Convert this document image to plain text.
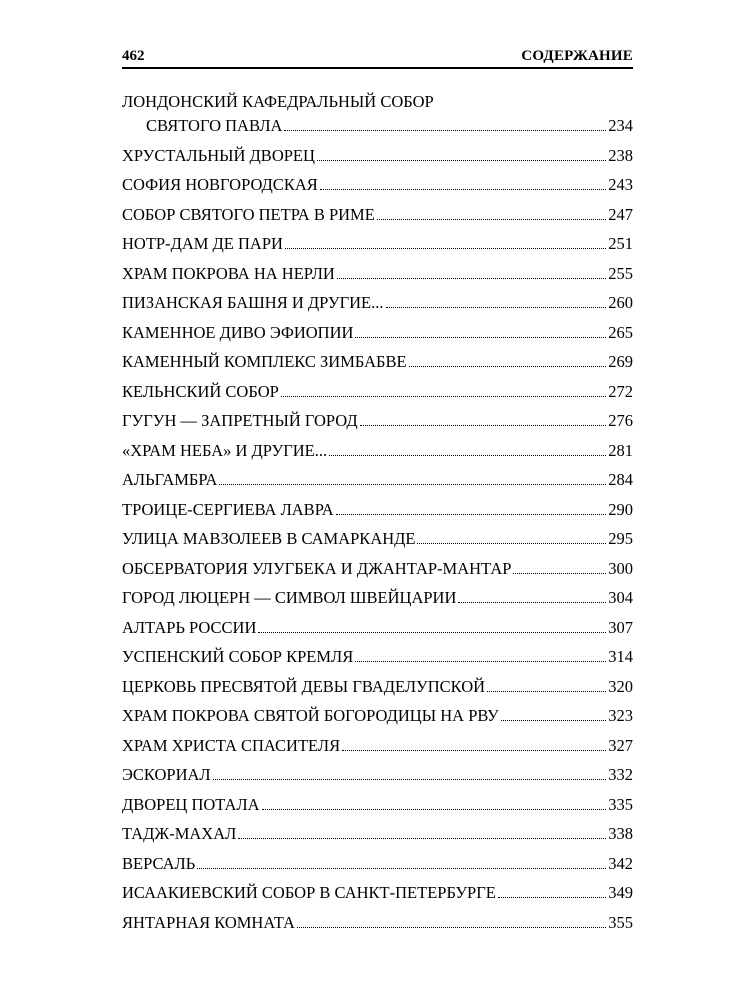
462	СОДЕРЖАНИЕ
ЛОНДОНСКИЙ КАФЕДРАЛЬНЫЙ СОБОР
СВЯТОГО ПАВЛА	234
ХРУСТАЛЬНЫЙ ДВОРЕЦ	238
СОФИЯ НОВГОРОДСКАЯ	243
СОБОР СВЯТОГО ПЕТРА В РИМЕ	247
НОТР-ДАМ ДЕ ПАРИ	251
ХРАМ ПОКРОВА НА НЕРЛИ	255
ПИЗАНСКАЯ БАШНЯ И ДРУГИЕ...	260
КАМЕННОЕ ДИВО ЭФИОПИИ	265
КАМЕННЫЙ КОМПЛЕКС ЗИМБАБВЕ	269
КЕЛЬНСКИЙ СОБОР	272
ГУГУН — ЗАПРЕТНЫЙ ГОРОД	276
«ХРАМ НЕБА» И ДРУГИЕ...	281
АЛЬГАМБРА	284
ТРОИЦЕ-СЕРГИЕВА ЛАВРА	290
УЛИЦА МАВЗОЛЕЕВ В САМАРКАНДЕ	295
ОБСЕРВАТОРИЯ УЛУГБЕКА И ДЖАНТАР-МАНТАР	300
ГОРОД ЛЮЦЕРН — СИМВОЛ ШВЕЙЦАРИИ	304
АЛТАРЬ РОССИИ	307
УСПЕНСКИЙ СОБОР КРЕМЛЯ	314
ЦЕРКОВЬ ПРЕСВЯТОЙ ДЕВЫ ГВАДЕЛУПСКОЙ	320
ХРАМ ПОКРОВА СВЯТОЙ БОГОРОДИЦЫ НА РВУ	323
ХРАМ ХРИСТА СПАСИТЕЛЯ	327
ЭСКОРИАЛ	332
ДВОРЕЦ ПОТАЛА	335
ТАДЖ-МАХАЛ	338
ВЕРСАЛЬ	342
ИСААКИЕВСКИЙ СОБОР В САНКТ-ПЕТЕРБУРГЕ	349
ЯНТАРНАЯ КОМНАТА	355
